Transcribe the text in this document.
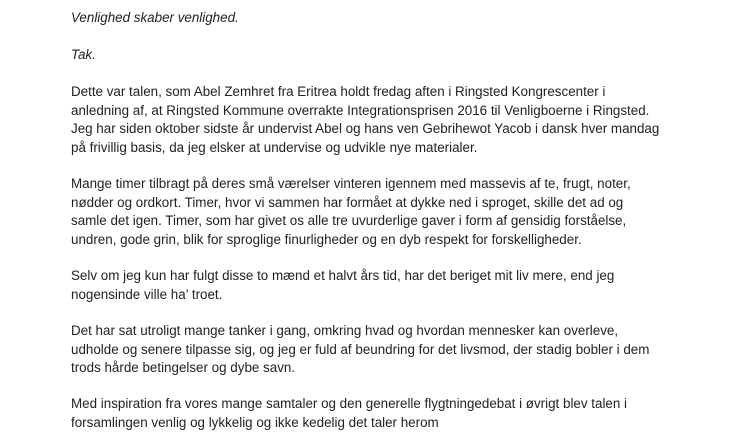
Venlighed skaber venlighed.

Tak.

Dette var talen, som Abel Zemhret fra Eritrea holdt fredag aften i Ringsted Kongrescenter i

anledning af, at Ringsted Kommune overrakte Integrationsprisen 2016 til Venligboerne i Ringsted.

Jeg har siden oktober sidste år undervist Abel og hans ven Gebrihewot Yacob i dansk hver mandag

på frivillig basis, da jeg elsker at undervise og udvikle nye materialer.

Mange timer tilbragt på deres små værelser vinteren igennem med massevis af te, frugt, noter,

nødder og ordkort. Timer, hvor vi sammen har formået at dykke ned i sproget, skille det ad og

samle det igen. Timer, som har givet os alle tre uvurderlige gaver i form af gensidig forståelse,

undren, gode grin, blik for sproglige finurligheder og en dyb respekt for forskelligheder.

Selv om jeg kun har fulgt disse to mænd et halvt års tid, har det beriget mit liv mere, end jeg

nogensinde ville ha’ troet.

Det har sat utroligt mange tanker i gang, omkring hvad og hvordan mennesker kan overleve,

udholde og senere tilpasse sig, og jeg er fuld af beundring for det livsmod, der stadig bobler i dem

trods hårde betingelser og dybe savn.

Med inspiration fra vores mange samtaler og den generelle flygtningedebat i øvrigt blev talen i

forsamlingen venlig og lykkelig og ikke kedelig det taler herom
